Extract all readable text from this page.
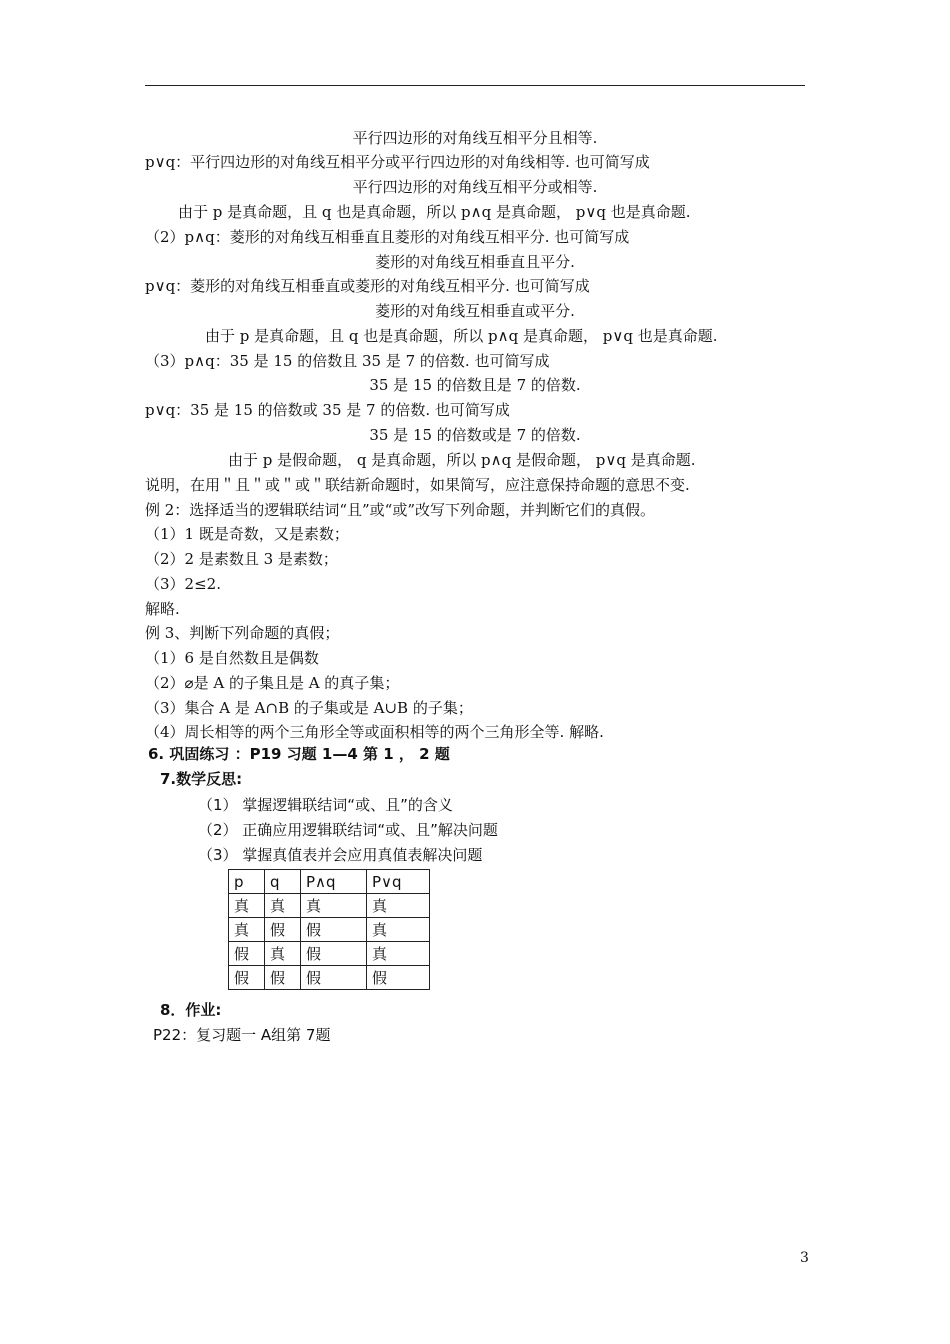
平行四边形的对角线互相平分且相等.
p∨q：平行四边形的对角线互相平分或平行四边形的对角线相等. 也可简写成
平行四边形的对角线互相平分或相等.
由于 p 是真命题，且 q 也是真命题，所以 p∧q 是真命题， p∨q 也是真命题.
（2）p∧q：菱形的对角线互相垂直且菱形的对角线互相平分. 也可简写成
菱形的对角线互相垂直且平分.
p∨q：菱形的对角线互相垂直或菱形的对角线互相平分. 也可简写成
菱形的对角线互相垂直或平分.
由于 p 是真命题，且 q 也是真命题，所以 p∧q 是真命题， p∨q 也是真命题.
（3）p∧q：35 是 15 的倍数且 35 是 7 的倍数. 也可简写成
35 是 15 的倍数且是 7 的倍数.
p∨q：35 是 15 的倍数或 35 是 7 的倍数. 也可简写成
35 是 15 的倍数或是 7 的倍数.
由于 p 是假命题， q 是真命题，所以 p∧q 是假命题， p∨q 是真命题.
说明，在用＂且＂或＂或＂联结新命题时，如果简写，应注意保持命题的意思不变.
例 2：选择适当的逻辑联结词“且”或“或”改写下列命题，并判断它们的真假。
（1）1 既是奇数，又是素数；
（2）2 是素数且 3 是素数；
（3）2≤2.
解略.
例 3、判断下列命题的真假；
（1）6 是自然数且是偶数
（2）⌀是 A 的子集且是 A 的真子集；
（3）集合 A 是 A∩B 的子集或是 A∪B 的子集；
（4）周长相等的两个三角形全等或面积相等的两个三角形全等. 解略.
6. 巩固练习 ：P19 习题 1—4 第 1 ， 2 题
7.数学反思:
（1） 掌握逻辑联结词“或、且”的含义
（2） 正确应用逻辑联结词“或、且”解决问题
（3） 掌握真值表并会应用真值表解决问题
p	q	P∧q	P∨q
真	真	真	真
真	假	假	真
假	真	假	真
假	假	假	假
8．作业:
P22：复习题一 A组第 7题
3
